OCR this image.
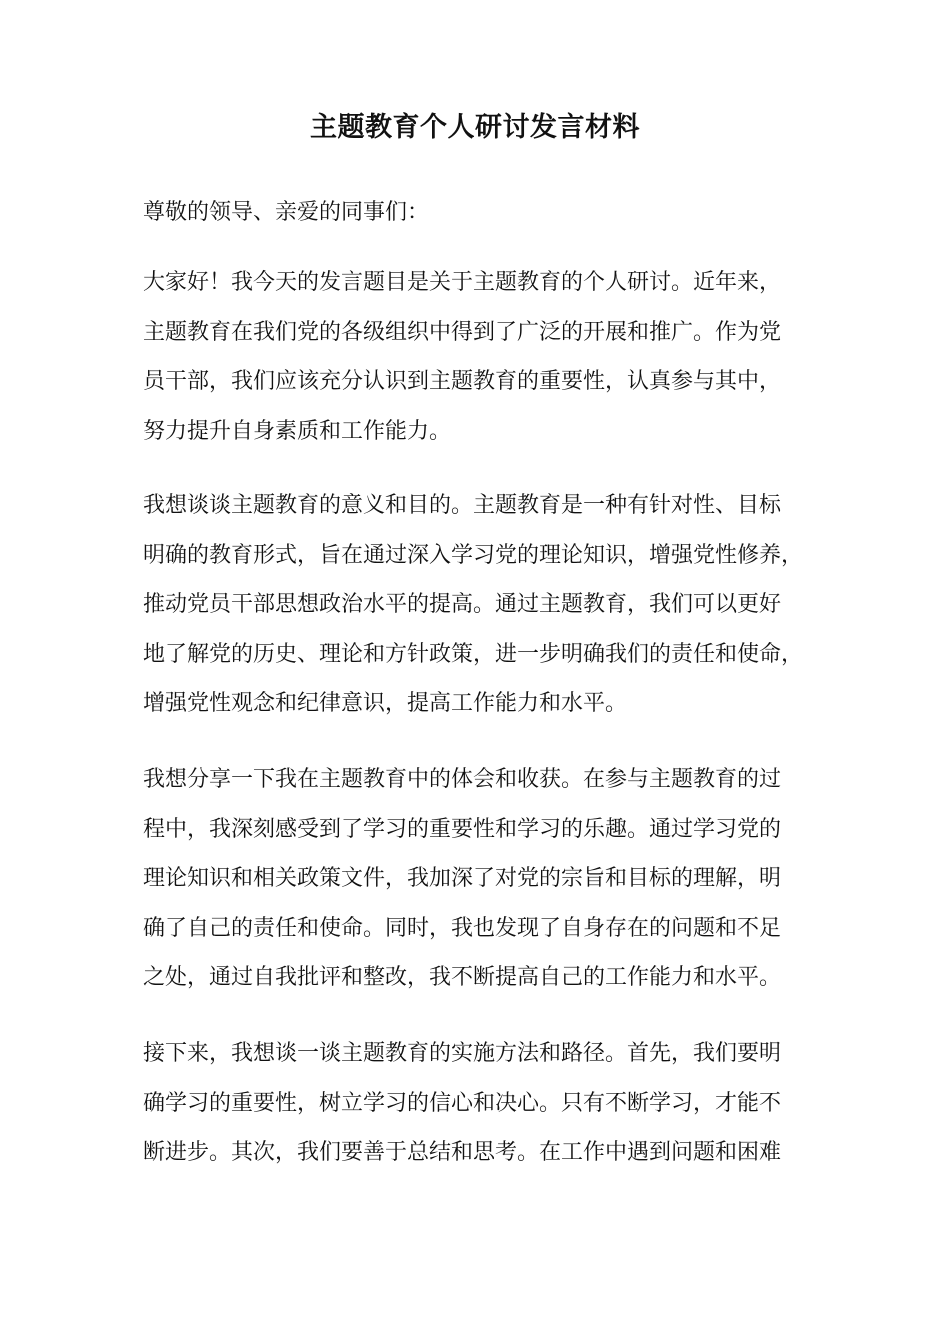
主题教育个人研讨发言材料

尊敬的领导、亲爱的同事们：

大家好！我今天的发言题目是关于主题教育的个人研讨。近年来，
主题教育在我们党的各级组织中得到了广泛的开展和推广。作为党
员干部，我们应该充分认识到主题教育的重要性，认真参与其中，
努力提升自身素质和工作能力。

我想谈谈主题教育的意义和目的。主题教育是一种有针对性、目标
明确的教育形式，旨在通过深入学习党的理论知识，增强党性修养，
推动党员干部思想政治水平的提高。通过主题教育，我们可以更好
地了解党的历史、理论和方针政策，进一步明确我们的责任和使命，
增强党性观念和纪律意识，提高工作能力和水平。

我想分享一下我在主题教育中的体会和收获。在参与主题教育的过
程中，我深刻感受到了学习的重要性和学习的乐趣。通过学习党的
理论知识和相关政策文件，我加深了对党的宗旨和目标的理解，明
确了自己的责任和使命。同时，我也发现了自身存在的问题和不足
之处，通过自我批评和整改，我不断提高自己的工作能力和水平。

接下来，我想谈一谈主题教育的实施方法和路径。首先，我们要明
确学习的重要性，树立学习的信心和决心。只有不断学习，才能不
断进步。其次，我们要善于总结和思考。在工作中遇到问题和困难
